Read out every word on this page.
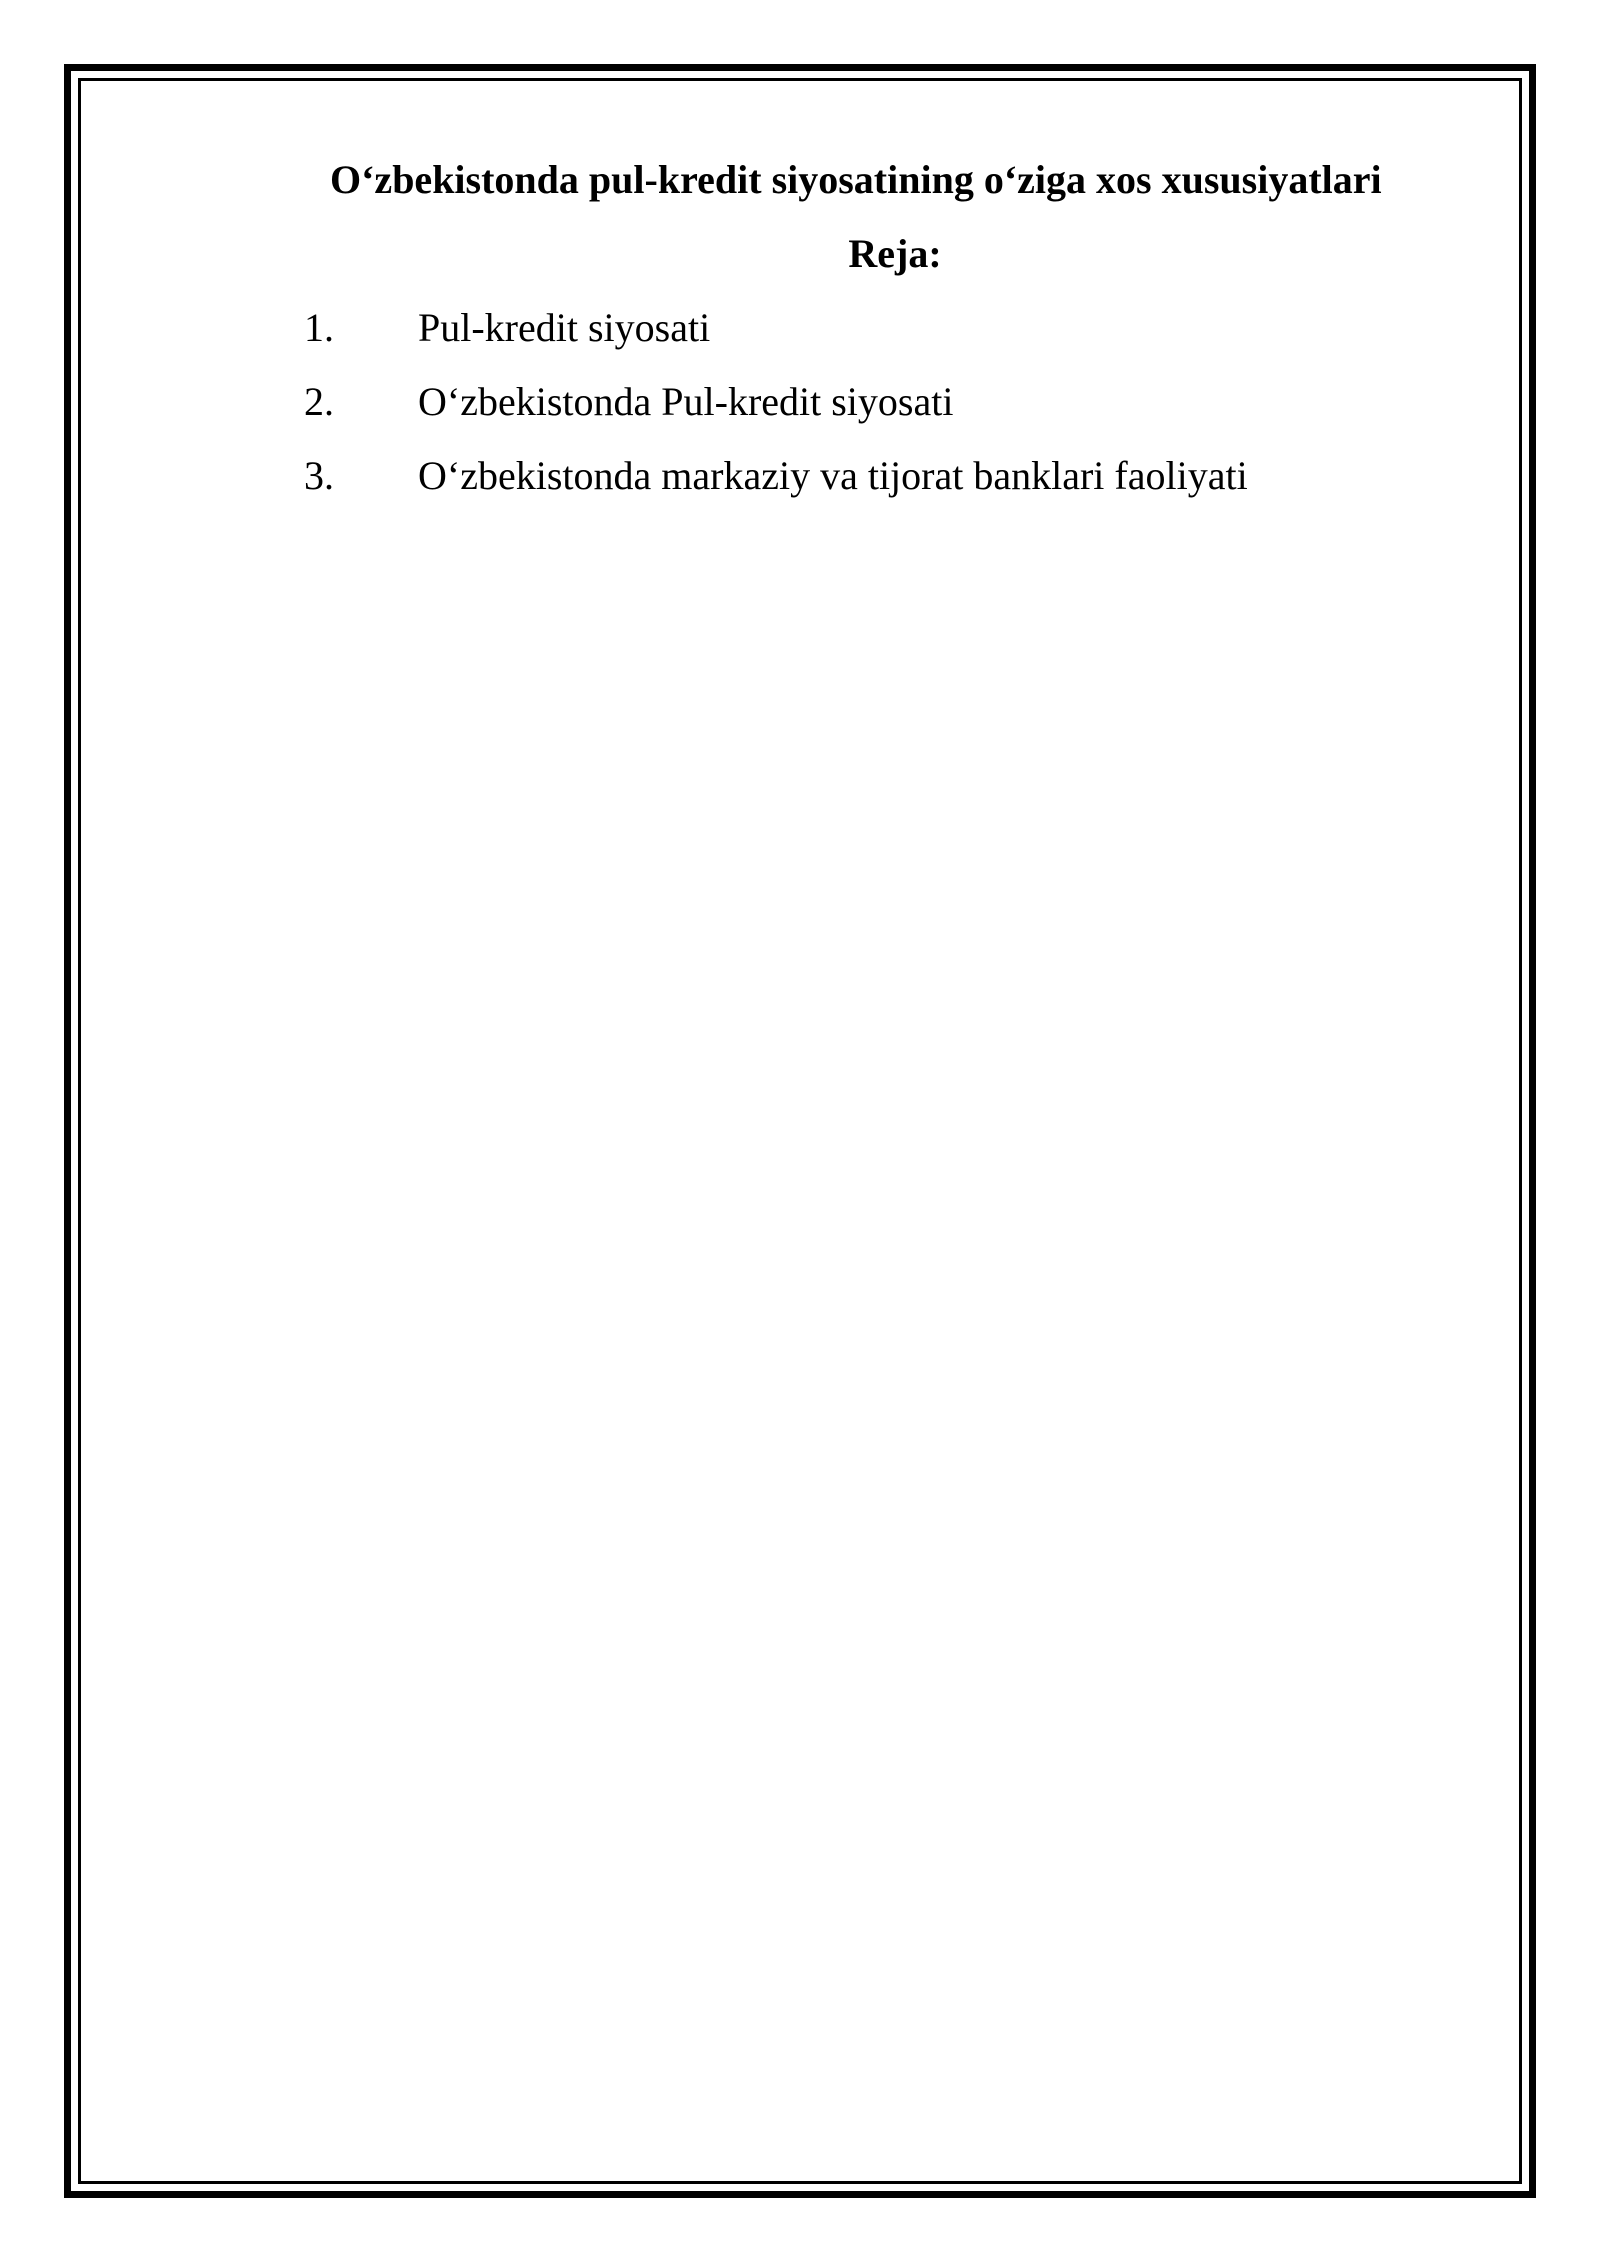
O‘zbekistonda pul-kredit siyosatining o‘ziga xos xususiyatlari
Reja:
1. Pul-kredit siyosati
2. O‘zbekistonda Pul-kredit siyosati
3. O‘zbekistonda markaziy va tijorat banklari faoliyati
